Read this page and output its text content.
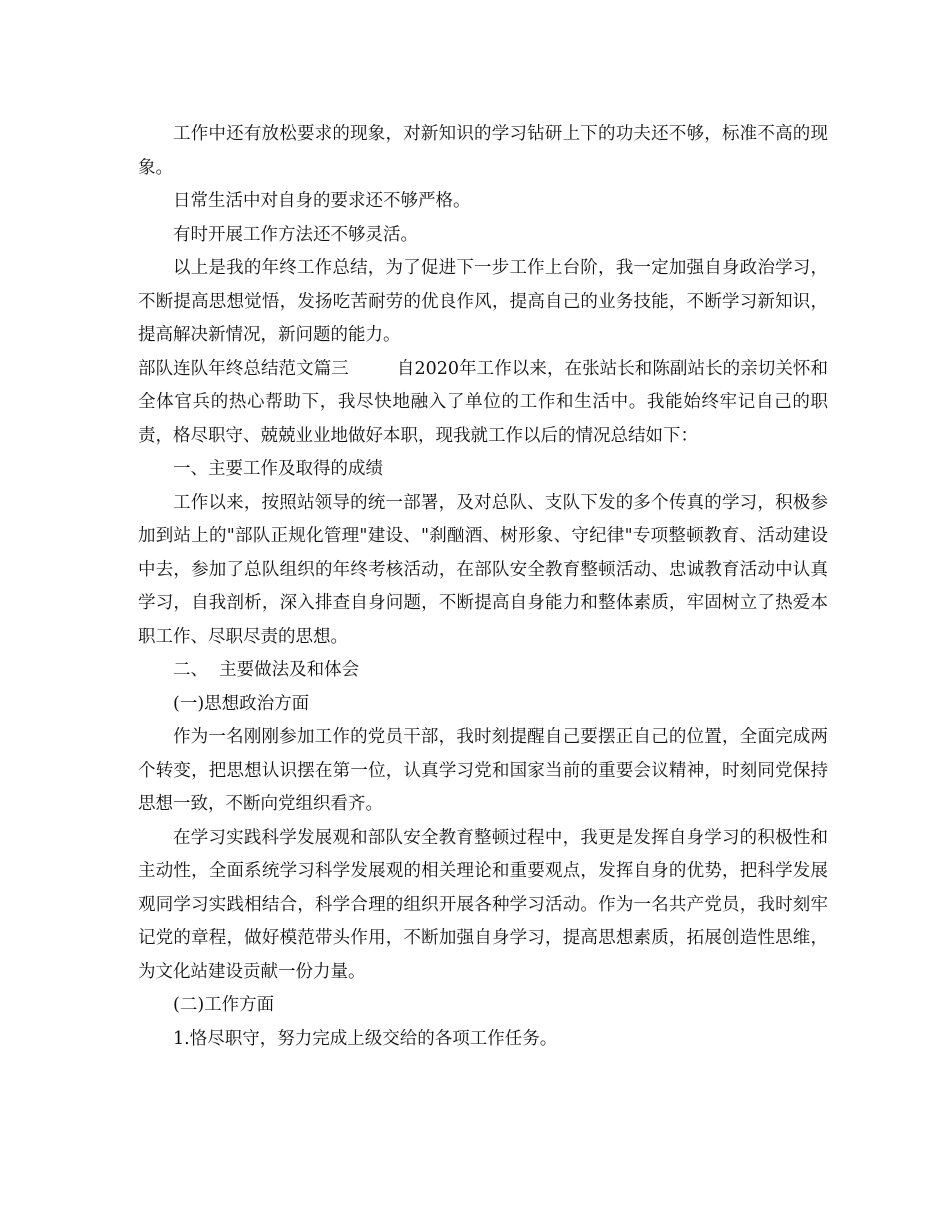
工作中还有放松要求的现象，对新知识的学习钻研上下的功夫还不够，标准不高的现象。

日常生活中对自身的要求还不够严格。

有时开展工作方法还不够灵活。

以上是我的年终工作总结，为了促进下一步工作上台阶，我一定加强自身政治学习，不断提高思想觉悟，发扬吃苦耐劳的优良作风，提高自己的业务技能，不断学习新知识，提高解决新情况，新问题的能力。

部队连队年终总结范文篇三	自2020年工作以来，在张站长和陈副站长的亲切关怀和全体官兵的热心帮助下，我尽快地融入了单位的工作和生活中。我能始终牢记自己的职责，格尽职守、兢兢业业地做好本职，现我就工作以后的情况总结如下：

一、主要工作及取得的成绩

工作以来，按照站领导的统一部署，及对总队、支队下发的多个传真的学习，积极参加到站上的"部队正规化管理"建设、"刹酗酒、树形象、守纪律"专项整顿教育、活动建设中去，参加了总队组织的年终考核活动，在部队安全教育整顿活动、忠诚教育活动中认真学习，自我剖析，深入排查自身问题，不断提高自身能力和整体素质，牢固树立了热爱本职工作、尽职尽责的思想。

二、  主要做法及和体会

(一)思想政治方面

作为一名刚刚参加工作的党员干部，我时刻提醒自己要摆正自己的位置，全面完成两个转变，把思想认识摆在第一位，认真学习党和国家当前的重要会议精神，时刻同党保持思想一致，不断向党组织看齐。

在学习实践科学发展观和部队安全教育整顿过程中，我更是发挥自身学习的积极性和主动性，全面系统学习科学发展观的相关理论和重要观点，发挥自身的优势，把科学发展观同学习实践相结合，科学合理的组织开展各种学习活动。作为一名共产党员，我时刻牢记党的章程，做好模范带头作用，不断加强自身学习，提高思想素质，拓展创造性思维，为文化站建设贡献一份力量。

(二)工作方面

1.恪尽职守，努力完成上级交给的各项工作任务。
